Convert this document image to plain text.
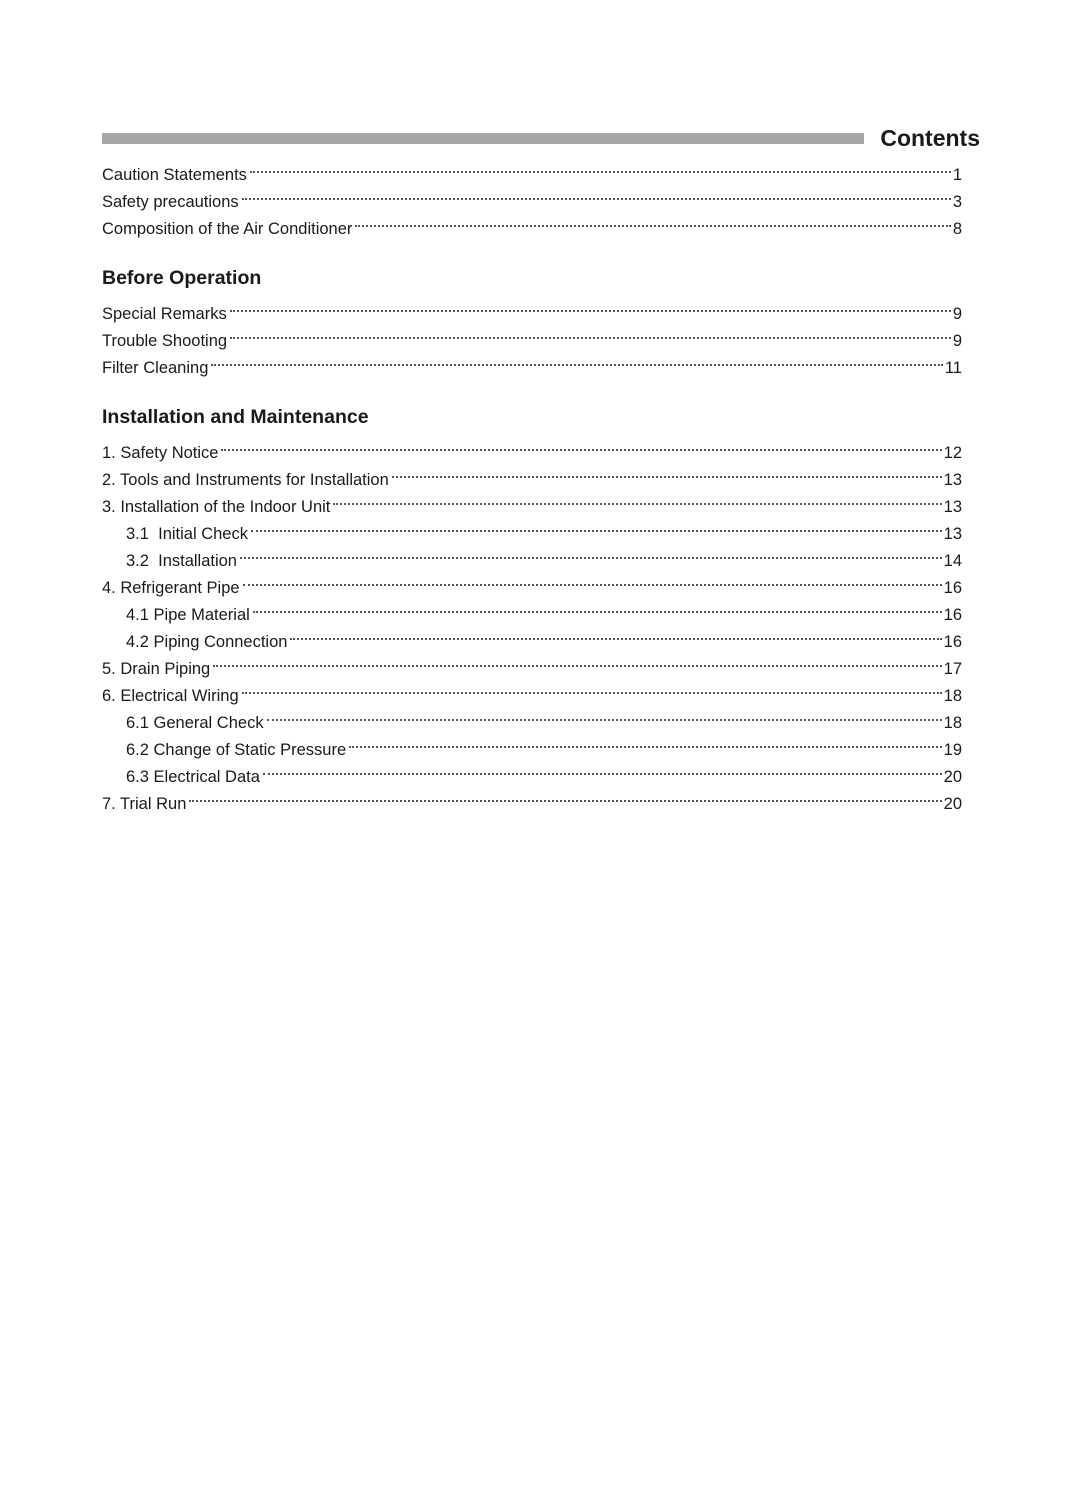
Contents
Caution Statements	1
Safety precautions	3
Composition of the Air Conditioner	8
Before Operation
Special Remarks	9
Trouble Shooting	9
Filter Cleaning	11
Installation and Maintenance
1. Safety Notice	12
2. Tools and Instruments for Installation	13
3. Installation of the Indoor Unit	13
3.1  Initial Check	13
3.2  Installation	14
4. Refrigerant Pipe	16
4.1 Pipe Material	16
4.2 Piping Connection	16
5. Drain Piping	17
6. Electrical Wiring	18
6.1 General Check	18
6.2 Change of Static Pressure	19
6.3 Electrical Data	20
7. Trial Run	20
